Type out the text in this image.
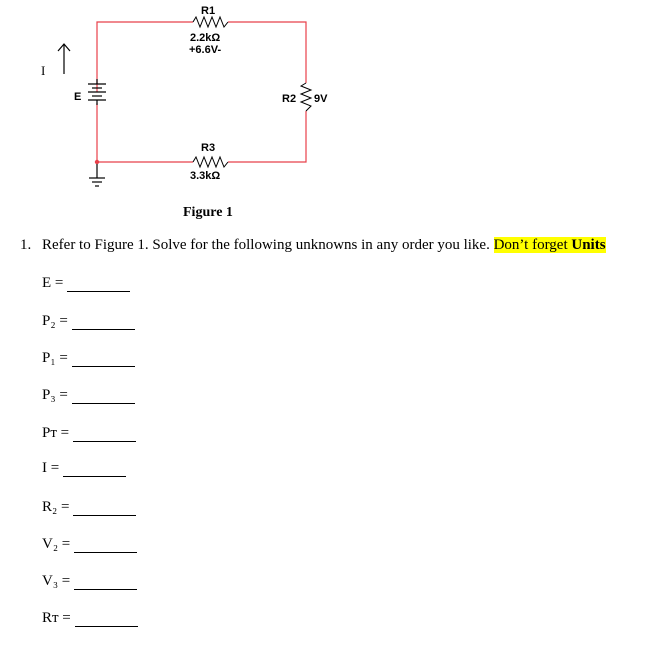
R1
2.2kΩ
+6.6V-
E
I
R2 9V
R3
3.3kΩ
Figure 1
1. Refer to Figure 1. Solve for the following unknowns in any order you like. Don’t forget Units
E =
P₂ =
P₁ =
P₃ =
Pᴛ =
I =
R₂ =
V₂ =
V₃ =
Rᴛ =
